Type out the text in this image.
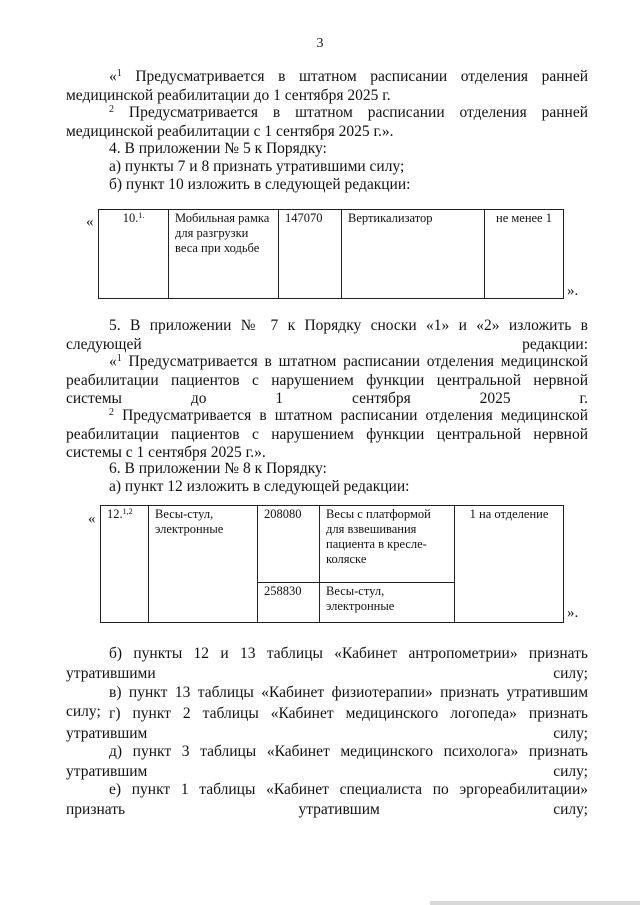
3

«$^1$ Предусматривается в штатном расписании отделения ранней медицинской реабилитации до 1 сентября 2025 г.

$^2$ Предусматривается в штатном расписании отделения ранней медицинской реабилитации с 1 сентября 2025 г.».

4. В приложении № 5 к Порядку:

а) пункты 7 и 8 признать утратившими силу;

б) пункт 10 изложить в следующей редакции:

« 10.$^{1.}$	Мобильная рамка для разгрузки веса при ходьбе	147070	Вертикализатор	не менее 1
».

5. В приложении № 7 к Порядку сноски «1» и «2» изложить в следующей редакции:

«$^1$ Предусматривается в штатном расписании отделения медицинской реабилитации пациентов с нарушением функции центральной нервной системы до 1 сентября 2025 г.

$^2$ Предусматривается в штатном расписании отделения медицинской реабилитации пациентов с нарушением функции центральной нервной системы с 1 сентября 2025 г.».

6. В приложении № 8 к Порядку:

а) пункт 12 изложить в следующей редакции:

« 12.$^{1,2}$	Весы-стул, электронные	208080	Весы с платформой для взвешивания пациента в кресле-коляске	1 на отделение
		258830	Весы-стул, электронные		».

б) пункты 12 и 13 таблицы «Кабинет антропометрии» признать утратившими силу;

в) пункт 13 таблицы «Кабинет физиотерапии» признать утратившим силу; г) пункт 2 таблицы «Кабинет медицинского логопеда» признать утратившим силу;

д) пункт 3 таблицы «Кабинет медицинского психолога» признать утратившим силу;

е) пункт 1 таблицы «Кабинет специалиста по эргореабилитации» признать утратившим силу;
